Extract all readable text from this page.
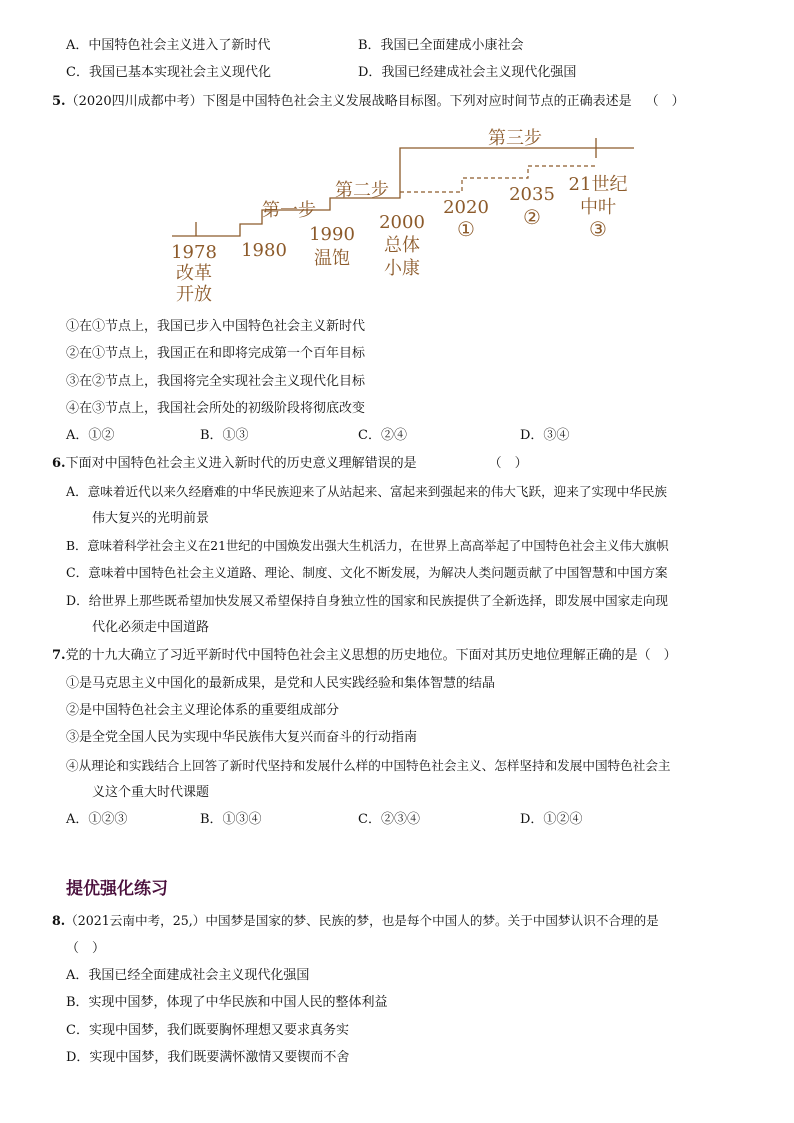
A．中国特色社会主义进入了新时代	B．我国已全面建成小康社会
C．我国已基本实现社会主义现代化	D．我国已经建成社会主义现代化强国
5.（2020四川成都中考）下图是中国特色社会主义发展战略目标图。下列对应时间节点的正确表述是 （　）
第一步
第二步
第三步
1978
改革
开放
1980
1990
温饱
2000
总体
小康
2020
①
2035
②
21世纪
中叶
③
①在①节点上，我国已步入中国特色社会主义新时代
②在①节点上，我国正在和即将完成第一个百年目标
③在②节点上，我国将完全实现社会主义现代化目标
④在③节点上，我国社会所处的初级阶段将彻底改变
A．①②	B．①③	C．②④	D．③④
6.下面对中国特色社会主义进入新时代的历史意义理解错误的是	（　）
A．意味着近代以来久经磨难的中华民族迎来了从站起来、富起来到强起来的伟大飞跃，迎来了实现中华民族
伟大复兴的光明前景
B．意味着科学社会主义在21世纪的中国焕发出强大生机活力，在世界上高高举起了中国特色社会主义伟大旗帜
C．意味着中国特色社会主义道路、理论、制度、文化不断发展，为解决人类问题贡献了中国智慧和中国方案
D．给世界上那些既希望加快发展又希望保持自身独立性的国家和民族提供了全新选择，即发展中国家走向现
代化必须走中国道路
7.党的十九大确立了习近平新时代中国特色社会主义思想的历史地位。下面对其历史地位理解正确的是（　）
①是马克思主义中国化的最新成果，是党和人民实践经验和集体智慧的结晶
②是中国特色社会主义理论体系的重要组成部分
③是全党全国人民为实现中华民族伟大复兴而奋斗的行动指南
④从理论和实践结合上回答了新时代坚持和发展什么样的中国特色社会主义、怎样坚持和发展中国特色社会主
义这个重大时代课题
A．①②③	B．①③④	C．②③④	D．①②④
提优强化练习
8.（2021云南中考，25,）中国梦是国家的梦、民族的梦，也是每个中国人的梦。关于中国梦认识不合理的是
（　）
A．我国已经全面建成社会主义现代化强国
B．实现中国梦，体现了中华民族和中国人民的整体利益
C．实现中国梦，我们既要胸怀理想又要求真务实
D．实现中国梦，我们既要满怀激情又要锲而不舍
